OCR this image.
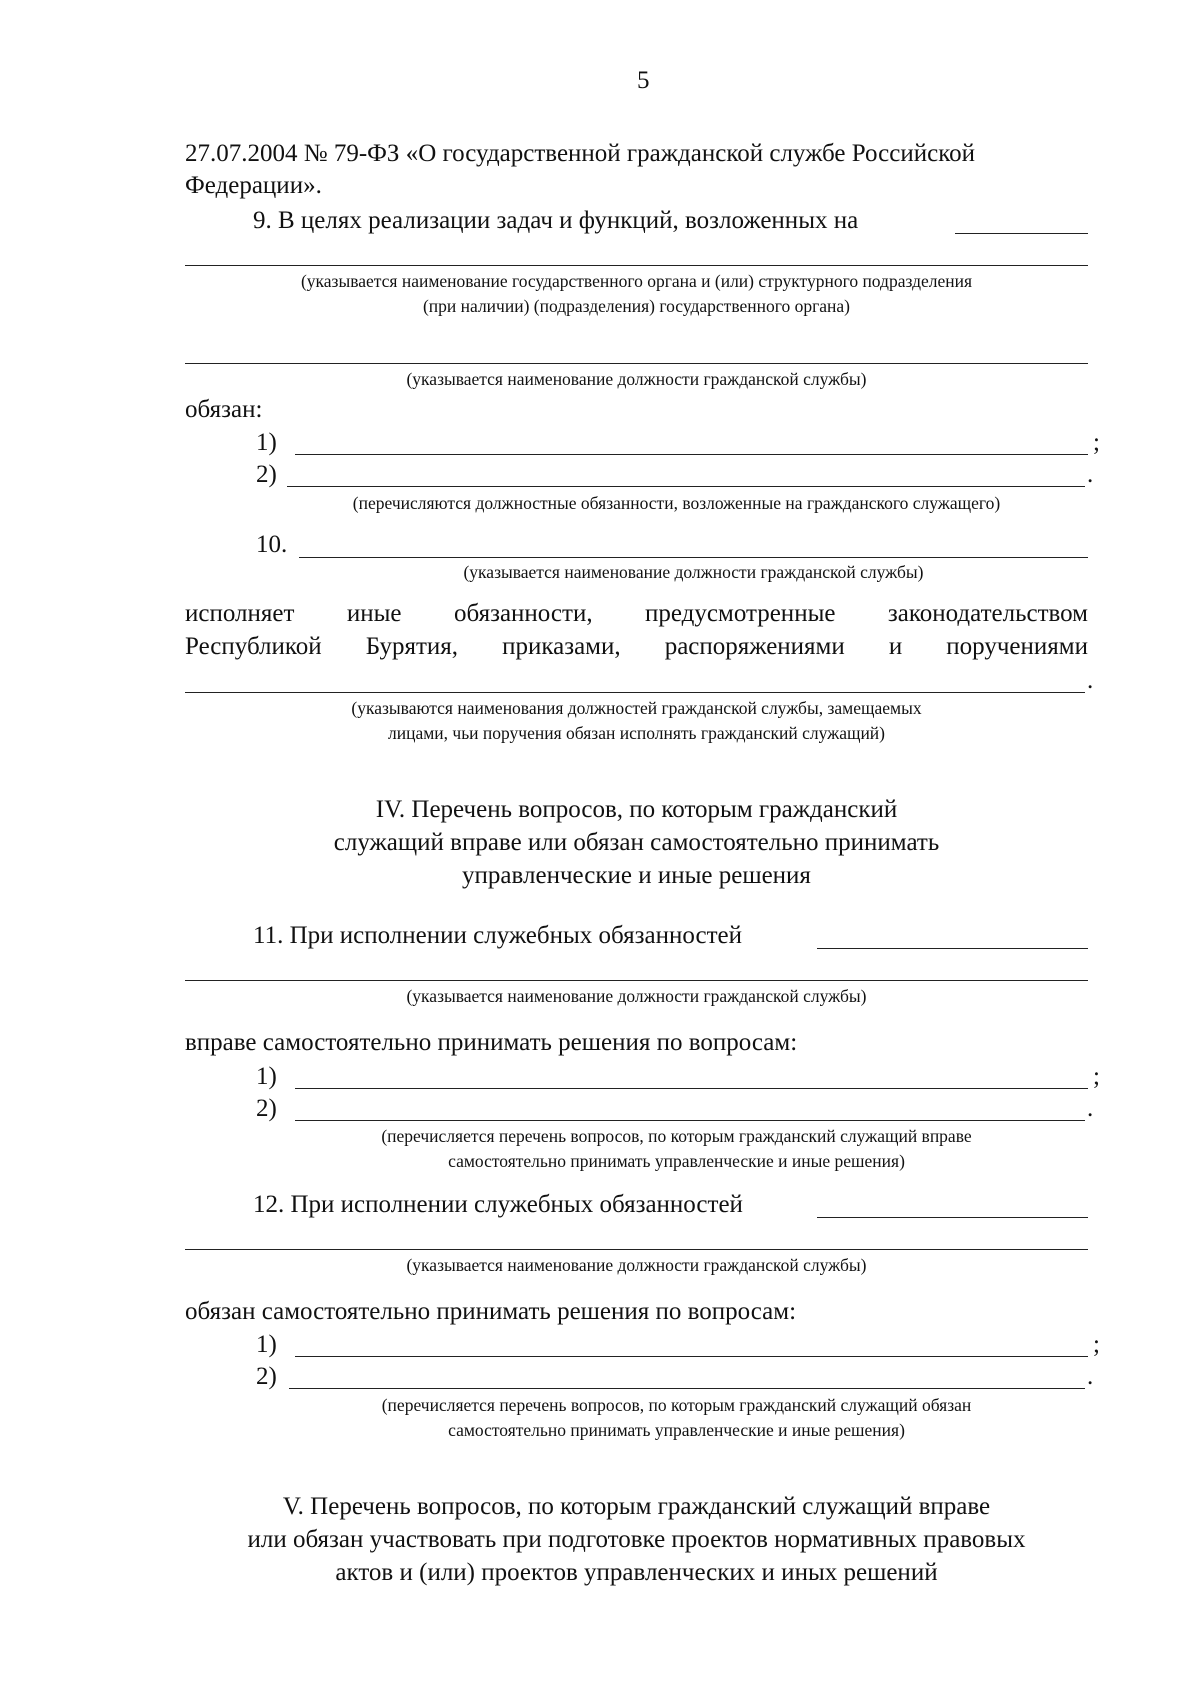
5
27.07.2004 № 79-ФЗ «О государственной гражданской службе Российской
Федерации».
9. В целях реализации задач и функций, возложенных на
(указывается наименование государственного органа и (или) структурного подразделения
(при наличии) (подразделения) государственного органа)
(указывается наименование должности гражданской службы)
обязан:
1)	;
2)	.
(перечисляются должностные обязанности, возложенные на гражданского служащего)
10.
(указывается наименование должности гражданской службы)
исполняет иные обязанности, предусмотренные законодательством
Республикой Бурятия, приказами, распоряжениями и поручениями
.
(указываются наименования должностей гражданской службы, замещаемых
лицами, чьи поручения обязан исполнять гражданский служащий)
IV. Перечень вопросов, по которым гражданский
служащий вправе или обязан самостоятельно принимать
управленческие и иные решения
11. При исполнении служебных обязанностей
(указывается наименование должности гражданской службы)
вправе самостоятельно принимать решения по вопросам:
1)	;
2)	.
(перечисляется перечень вопросов, по которым гражданский служащий вправе
самостоятельно принимать управленческие и иные решения)
12. При исполнении служебных обязанностей
(указывается наименование должности гражданской службы)
обязан самостоятельно принимать решения по вопросам:
1)	;
2)	.
(перечисляется перечень вопросов, по которым гражданский служащий обязан
самостоятельно принимать управленческие и иные решения)
V. Перечень вопросов, по которым гражданский служащий вправе
или обязан участвовать при подготовке проектов нормативных правовых
актов и (или) проектов управленческих и иных решений
